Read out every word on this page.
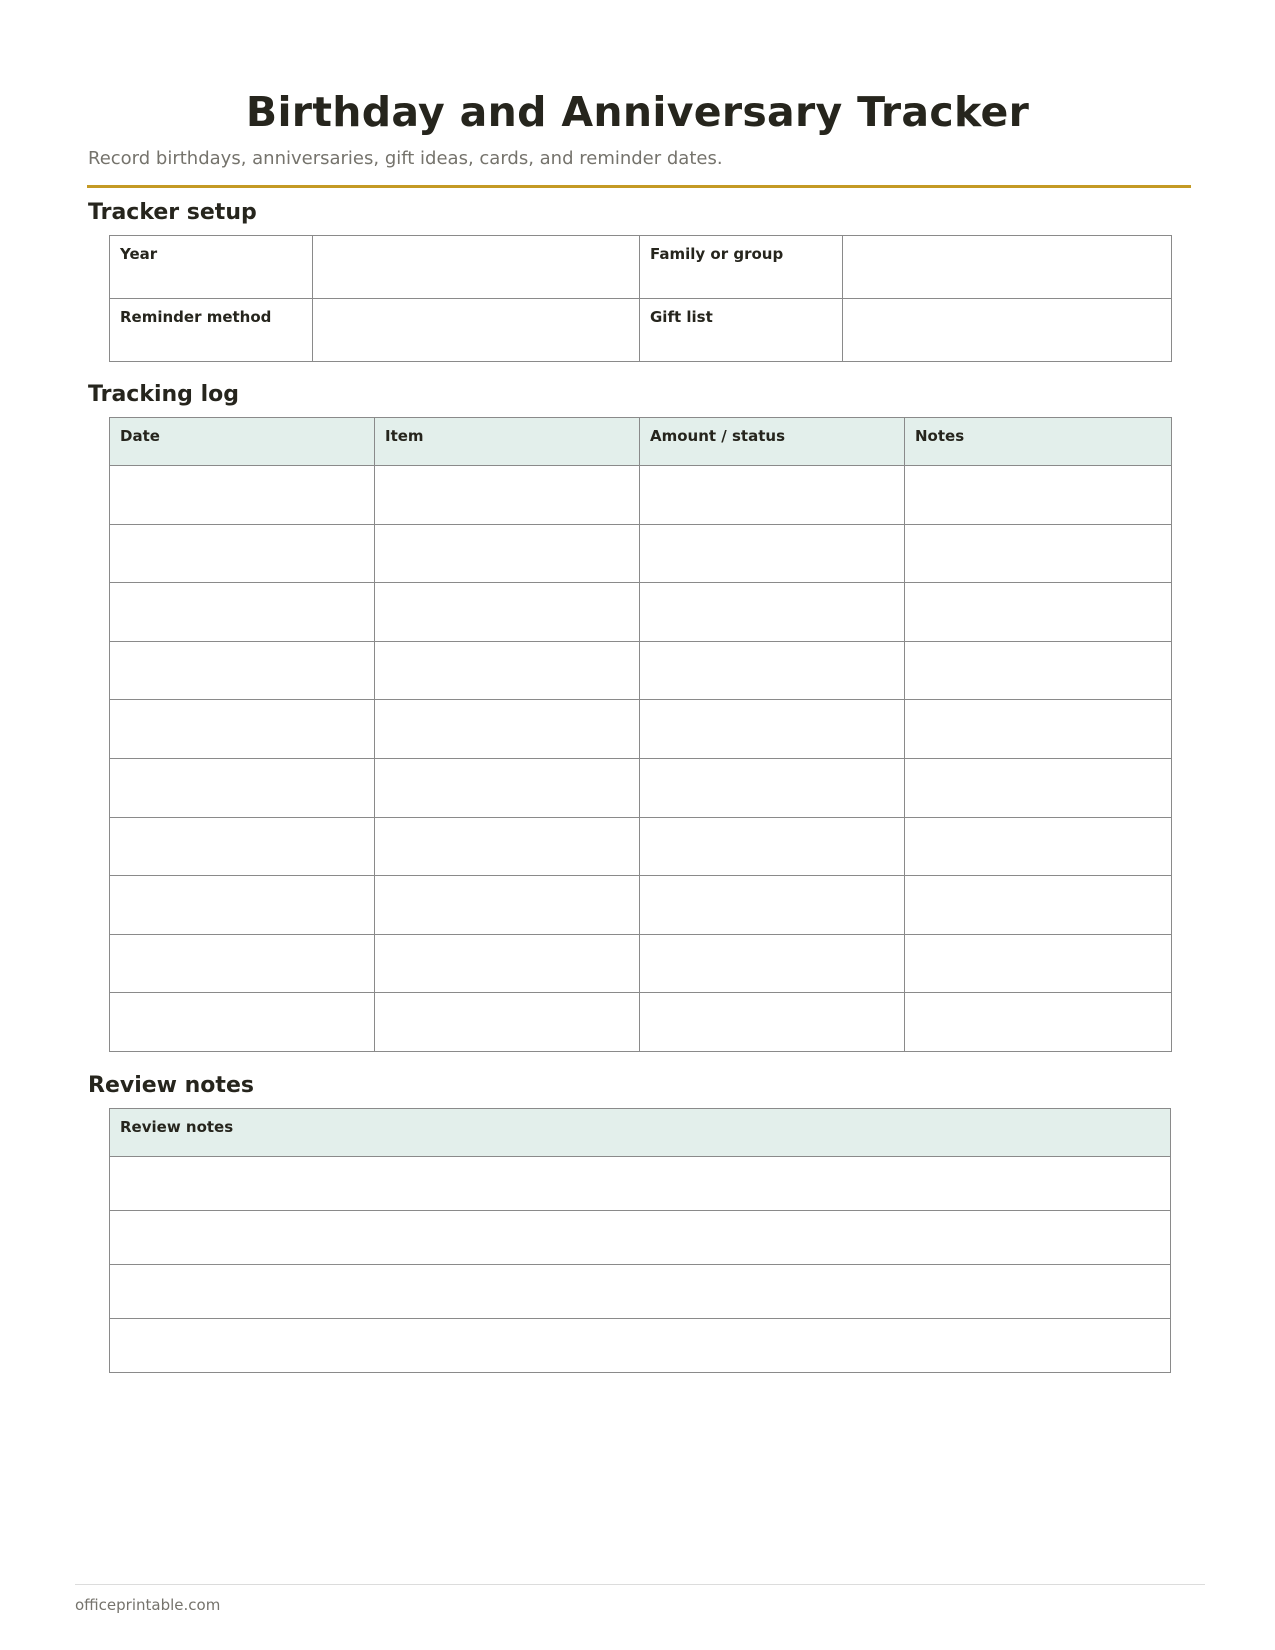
Birthday and Anniversary Tracker
Record birthdays, anniversaries, gift ideas, cards, and reminder dates.
Tracker setup
Year		Family or group	

Reminder method		Gift list	

Tracking log
Date	Item	Amount / status	Notes

Review notes
Review notes

officeprintable.com
